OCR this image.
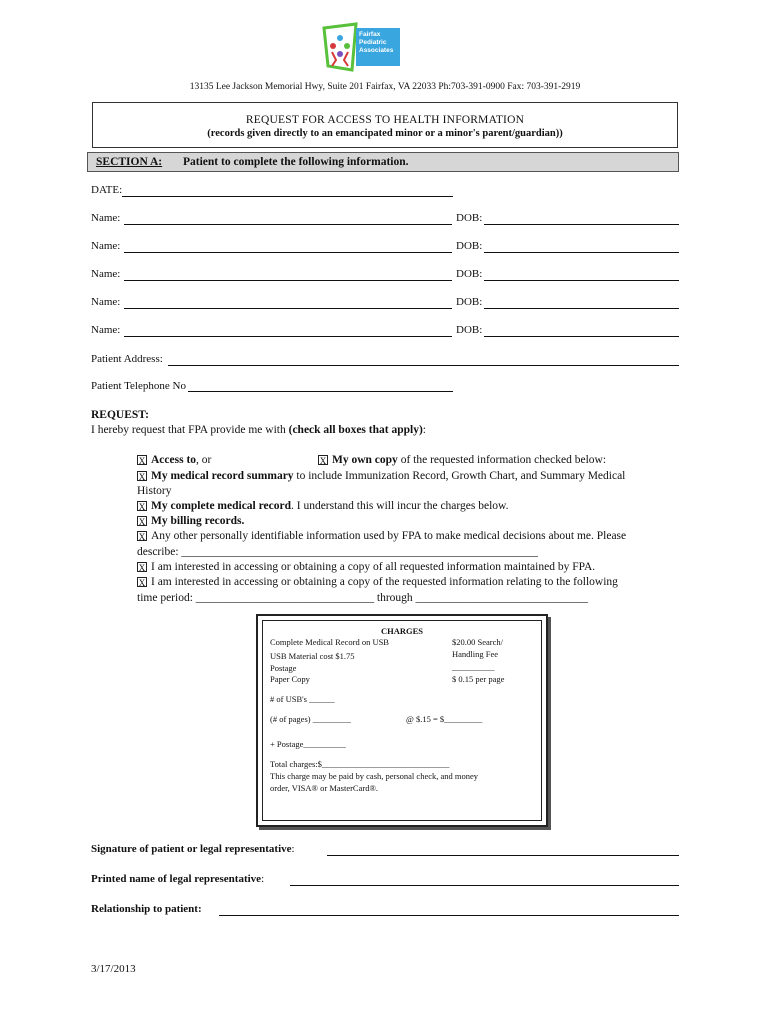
Fairfax
Pediatric
Associates
13135 Lee Jackson Memorial Hwy, Suite 201 Fairfax, VA 22033 Ph:703-391-0900 Fax: 703-391-2919
REQUEST FOR ACCESS TO HEALTH INFORMATION
(records given directly to an emancipated minor or a minor's parent/guardian))
SECTION A: Patient to complete the following information.
DATE:
Name:	DOB:
Name:	DOB:
Name:	DOB:
Name:	DOB:
Name:	DOB:
Patient Address:
Patient Telephone No
REQUEST:
I hereby request that FPA provide me with (check all boxes that apply):
X Access to, or	X My own copy of the requested information checked below:
X My medical record summary to include Immunization Record, Growth Chart, and Summary Medical
History
X My complete medical record. I understand this will incur the charges below.
X My billing records.
X Any other personally identifiable information used by FPA to make medical decisions about me. Please
describe: ______________________________________________________________
X I am interested in accessing or obtaining a copy of all requested information maintained by FPA.
X I am interested in accessing or obtaining a copy of the requested information relating to the following
time period: _______________________________ through ______________________________
CHARGES
Complete Medical Record on USB
USB Material cost $1.75
Postage
Paper Copy
$20.00 Search/
Handling Fee
__________
$ 0.15 per page
# of USB's ______
(# of pages) _________	@ $.15 = $_________
+ Postage__________
Total charges:$______________________________
This charge may be paid by cash, personal check, and money
order, VISA® or MasterCard®.
Signature of patient or legal representative:
Printed name of legal representative:
Relationship to patient:
3/17/2013
